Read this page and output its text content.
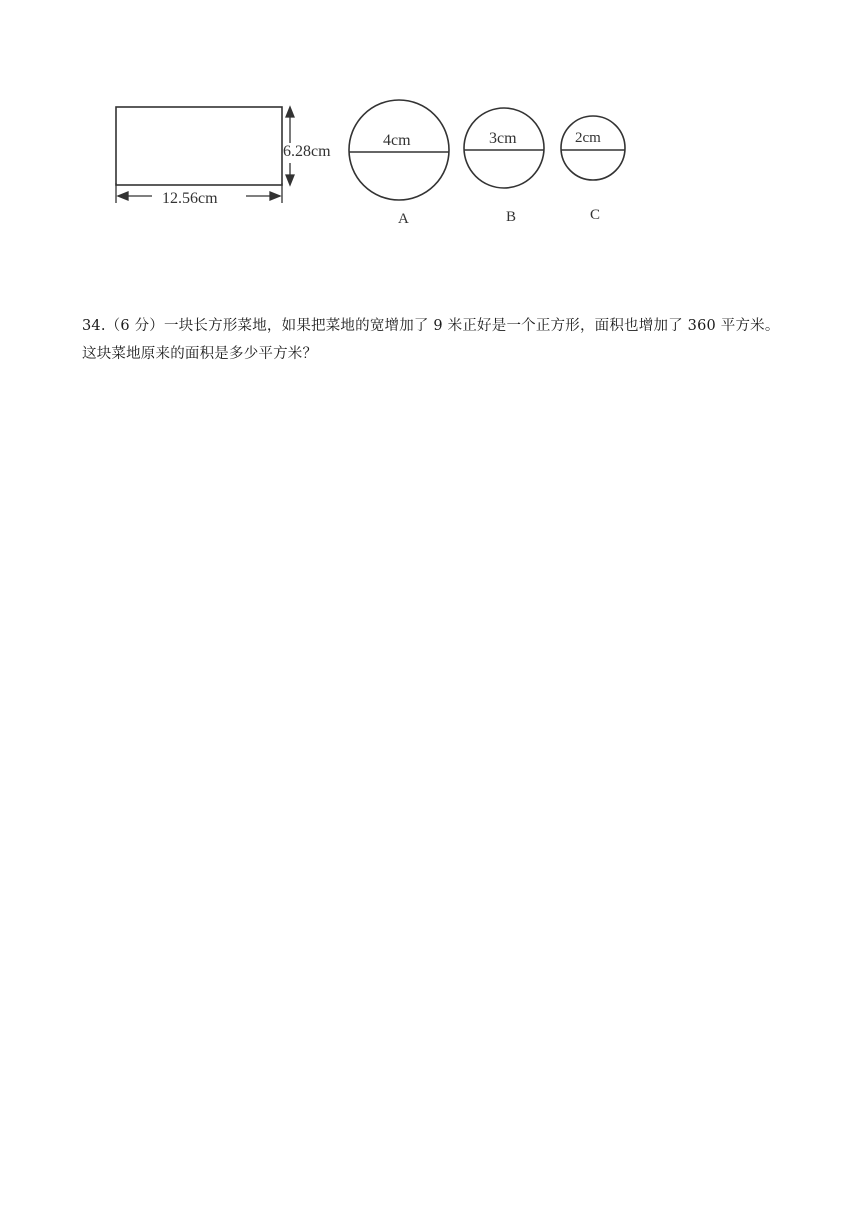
6.28cm
12.56cm
4cm
A
3cm
B
2cm
C
34.（6 分）一块长方形菜地，如果把菜地的宽增加了 9 米正好是一个正方形，面积也增加了 360 平方米。这块菜地原来的面积是多少平方米？
